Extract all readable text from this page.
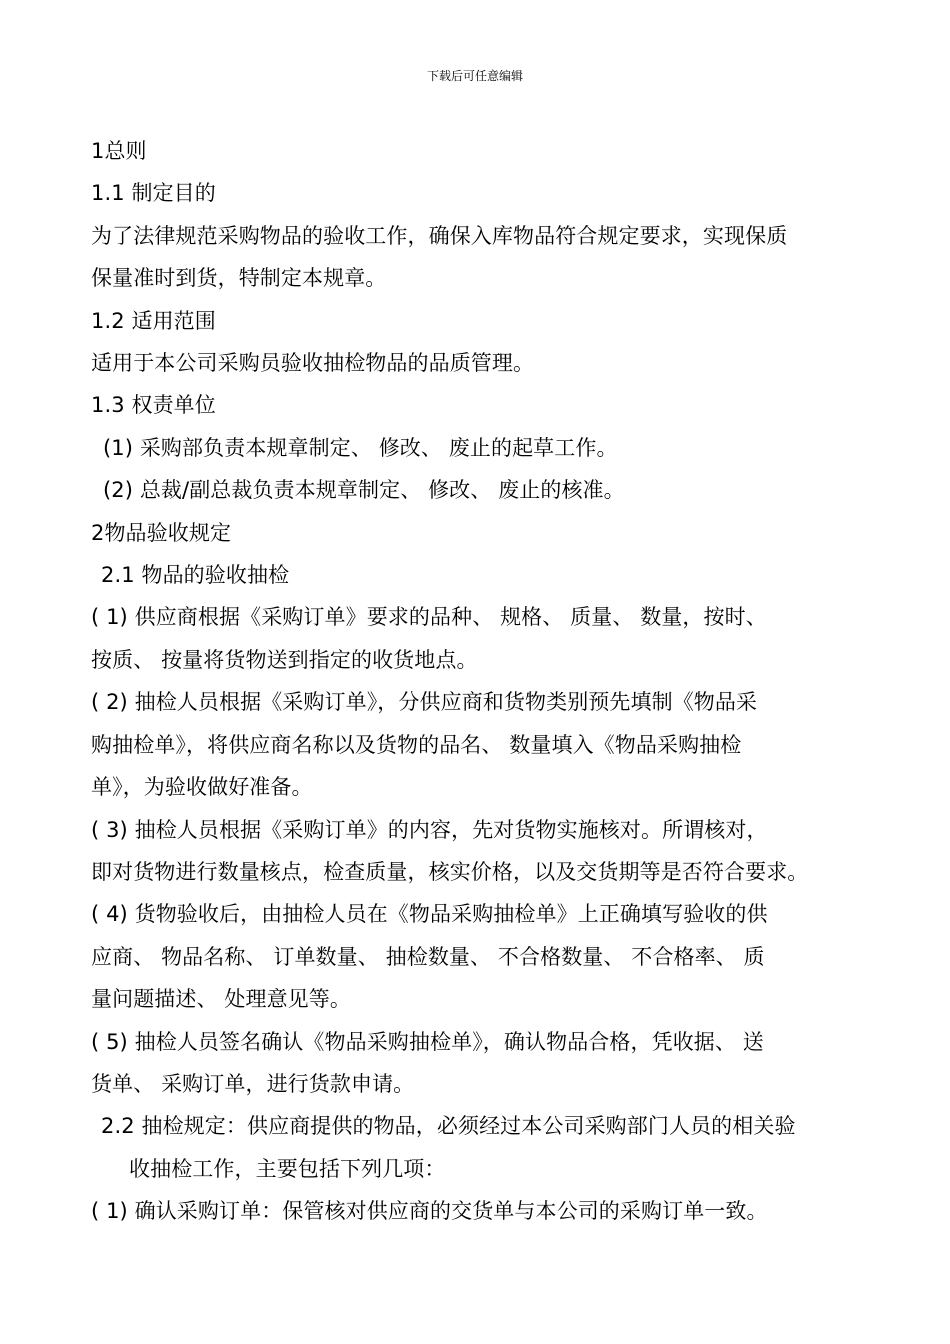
下载后可任意编辑
1总则
1.1 制定目的
为了法律规范采购物品的验收工作，确保入库物品符合规定要求，实现保质
保量准时到货，特制定本规章。
1.2 适用范围
适用于本公司采购员验收抽检物品的品质管理。
1.3 权责单位
(1) 采购部负责本规章制定、 修改、 废止的起草工作。
(2) 总裁/副总裁负责本规章制定、 修改、 废止的核准。
2物品验收规定
2.1 物品的验收抽检
( 1) 供应商根据《采购订单》要求的品种、 规格、 质量、 数量，按时、
按质、 按量将货物送到指定的收货地点。
( 2) 抽检人员根据《采购订单》，分供应商和货物类别预先填制《物品采
购抽检单》，将供应商名称以及货物的品名、 数量填入《物品采购抽检
单》，为验收做好准备。
( 3) 抽检人员根据《采购订单》的内容，先对货物实施核对。所谓核对，
即对货物进行数量核点，检查质量，核实价格，以及交货期等是否符合要求。
( 4) 货物验收后，由抽检人员在《物品采购抽检单》上正确填写验收的供
应商、 物品名称、 订单数量、 抽检数量、 不合格数量、 不合格率、 质
量问题描述、 处理意见等。
( 5) 抽检人员签名确认《物品采购抽检单》，确认物品合格，凭收据、 送
货单、 采购订单，进行货款申请。
2.2 抽检规定：供应商提供的物品，必须经过本公司采购部门人员的相关验
收抽检工作，主要包括下列几项：
( 1) 确认采购订单：保管核对供应商的交货单与本公司的采购订单一致。
